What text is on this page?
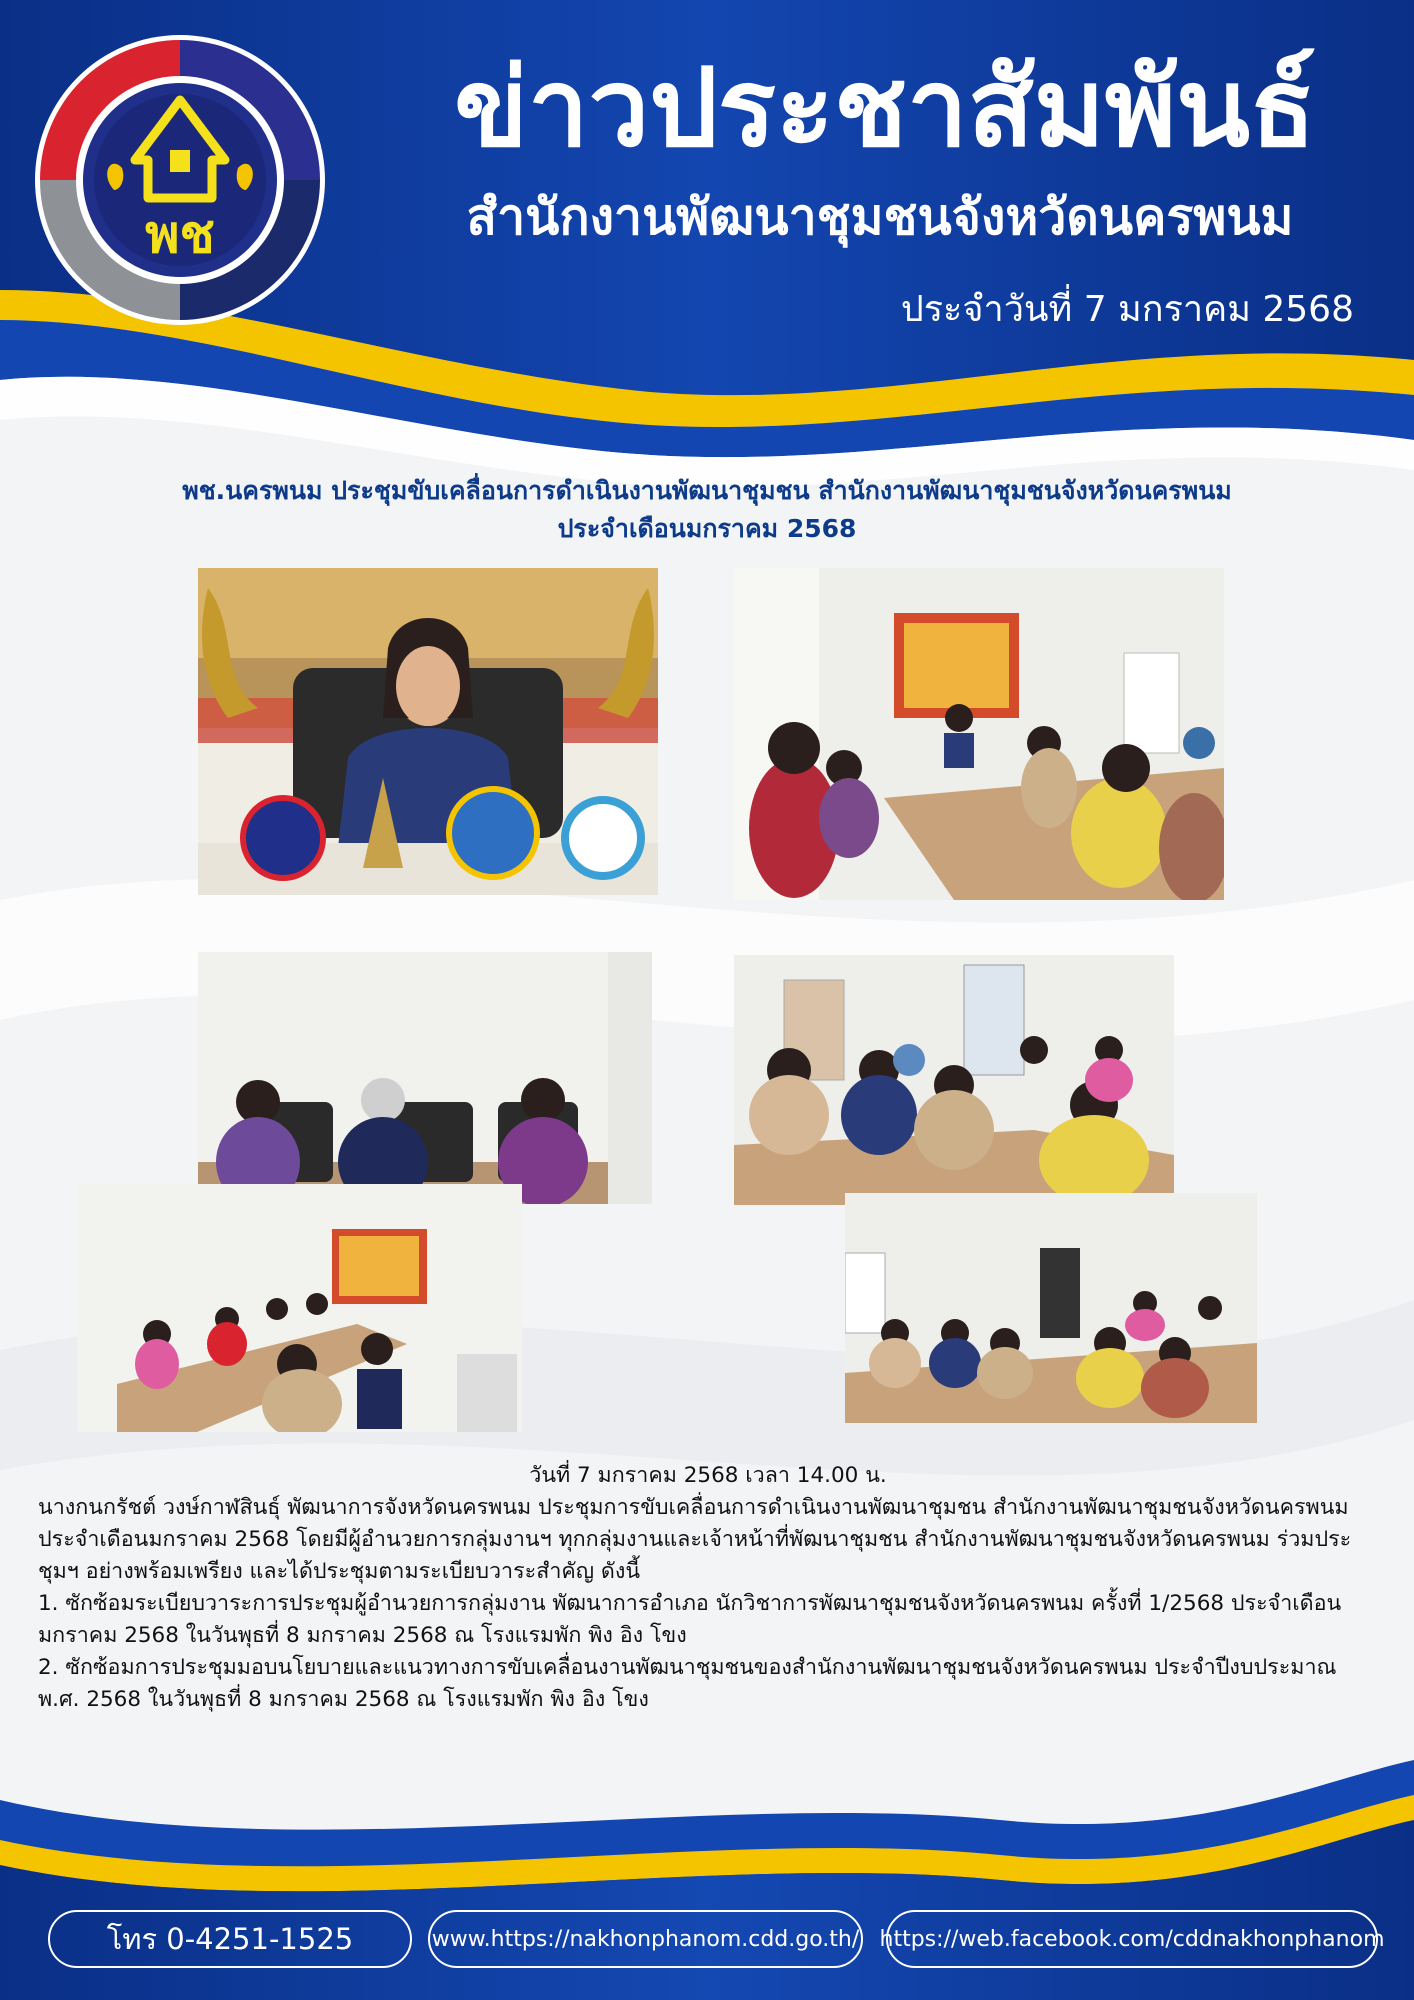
พช
ข่าวประชาสัมพันธ์
สำนักงานพัฒนาชุมชนจังหวัดนครพนม
ประจำวันที่ 7 มกราคม 2568
พช.นครพนม ประชุมขับเคลื่อนการดำเนินงานพัฒนาชุมชน สำนักงานพัฒนาชุมชนจังหวัดนครพนม
ประจำเดือนมกราคม 2568
วันที่ 7 มกราคม 2568 เวลา 14.00 น.

นางกนกรัชต์ วงษ์กาฬสินธุ์ พัฒนาการจังหวัดนครพนม ประชุมการขับเคลื่อนการดำเนินงานพัฒนาชุมชน สำนักงานพัฒนาชุมชนจังหวัดนครพนม ประจำเดือนมกราคม 2568 โดยมีผู้อำนวยการกลุ่มงานฯ ทุกกลุ่มงานและเจ้าหน้าที่พัฒนาชุมชน สำนักงานพัฒนาชุมชนจังหวัดนครพนม ร่วมประชุมฯ อย่างพร้อมเพรียง และได้ประชุมตามระเบียบวาระสำคัญ ดังนี้

1. ซักซ้อมระเบียบวาระการประชุมผู้อำนวยการกลุ่มงาน พัฒนาการอำเภอ นักวิชาการพัฒนาชุมชนจังหวัดนครพนม ครั้งที่ 1/2568 ประจำเดือนมกราคม 2568 ในวันพุธที่ 8 มกราคม 2568 ณ โรงแรมพัก พิง อิง โขง

2. ซักซ้อมการประชุมมอบนโยบายและแนวทางการขับเคลื่อนงานพัฒนาชุมชนของสำนักงานพัฒนาชุมชนจังหวัดนครพนม ประจำปีงบประมาณ พ.ศ. 2568 ในวันพุธที่ 8 มกราคม 2568 ณ โรงแรมพัก พิง อิง โขง

โทร 0-4251-1525	www.https://nakhonphanom.cdd.go.th/ https://web.facebook.com/cddnakhonphanom
